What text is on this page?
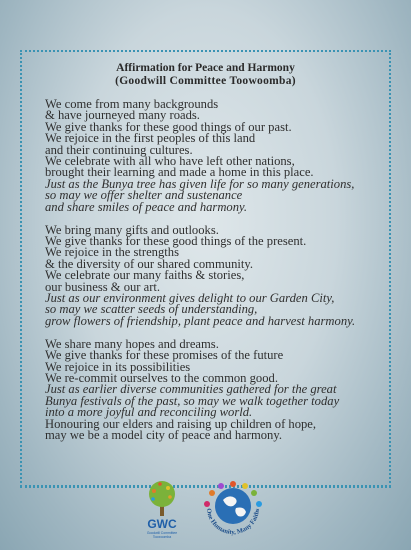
Affirmation for Peace and Harmony
(Goodwill Committee Toowoomba)
We come from many backgrounds
& have journeyed many roads.
We give thanks for these good things of our past.
We rejoice in the first peoples of this land
and their continuing cultures.
We celebrate with all who have left other nations,
brought their learning and made a home in this place.
Just as the Bunya tree has given life for so many generations,
so may we offer shelter and sustenance
and share smiles of peace and harmony.
We bring many gifts and outlooks.
We give thanks for these good things of the present.
We rejoice in the strengths
& the diversity of our shared community.
We celebrate our many faiths & stories,
our business & our art.
Just as our environment gives delight to our Garden City,
so may we scatter seeds of understanding,
grow flowers of friendship, plant peace and harvest harmony.
We share many hopes and dreams.
We give thanks for these promises of the future
We rejoice in its possibilities
We re-commit ourselves to the common good.
Just as earlier diverse communities gathered for the great
Bunya festivals of the past, so may we walk together today
into a more joyful and reconciling world.
Honouring our elders and raising up children of hope,
may we be a model city of peace and harmony.
GWC
Goodwill Committee
Toowoomba
One Humanity, Many Faiths
